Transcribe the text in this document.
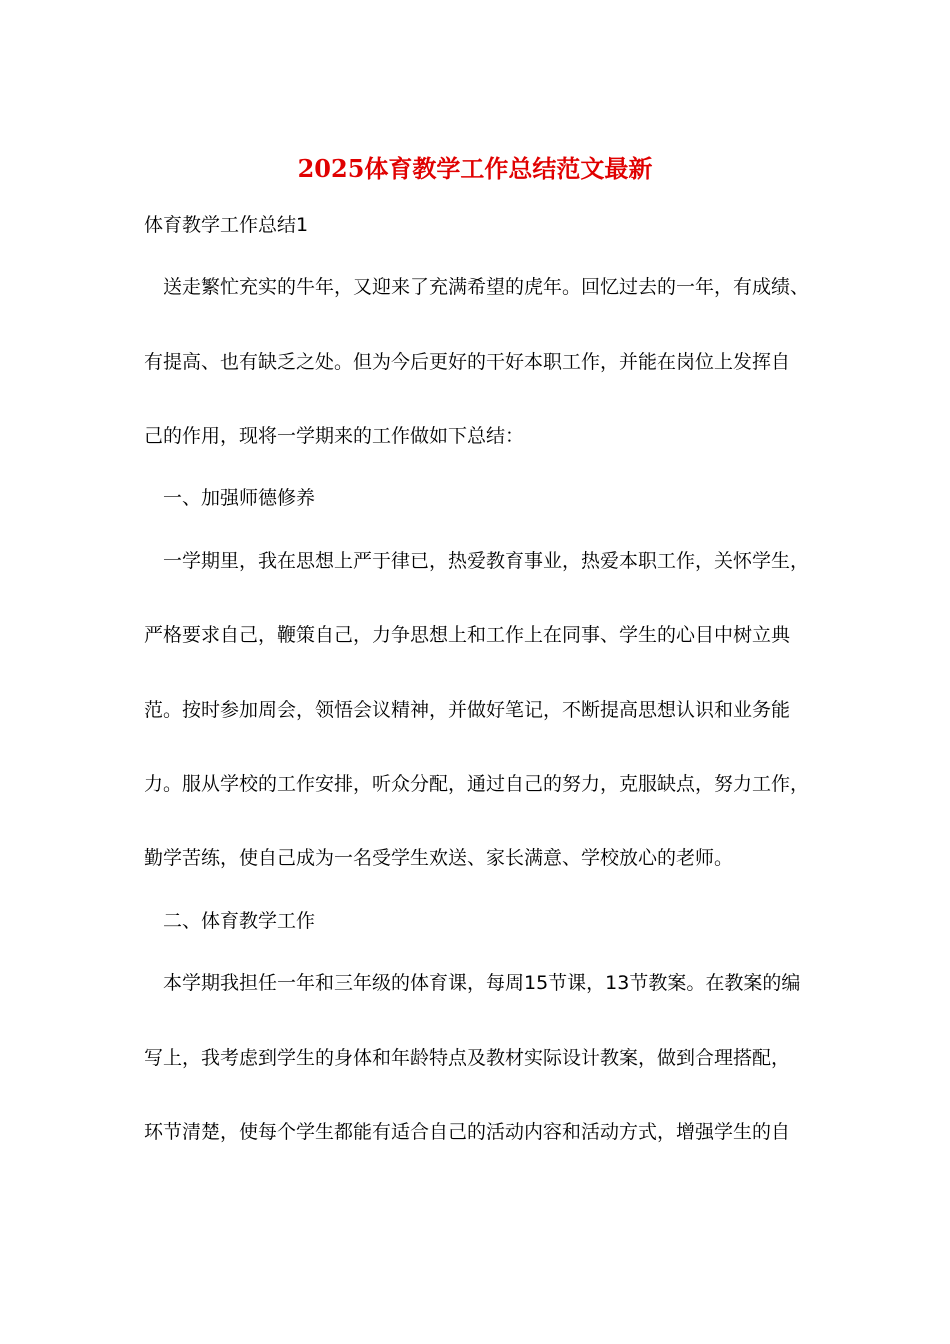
2025体育教学工作总结范文最新
体育教学工作总结1
送走繁忙充实的牛年，又迎来了充满希望的虎年。回忆过去的一年，有成绩、
有提高、也有缺乏之处。但为今后更好的干好本职工作，并能在岗位上发挥自
己的作用，现将一学期来的工作做如下总结：
一、加强师德修养
一学期里，我在思想上严于律已，热爱教育事业，热爱本职工作，关怀学生，
严格要求自己，鞭策自己，力争思想上和工作上在同事、学生的心目中树立典
范。按时参加周会，领悟会议精神，并做好笔记，不断提高思想认识和业务能
力。服从学校的工作安排，听众分配，通过自己的努力，克服缺点，努力工作，
勤学苦练，使自己成为一名受学生欢送、家长满意、学校放心的老师。
二、体育教学工作
本学期我担任一年和三年级的体育课，每周15节课，13节教案。在教案的编
写上，我考虑到学生的身体和年龄特点及教材实际设计教案，做到合理搭配，
环节清楚，使每个学生都能有适合自己的活动内容和活动方式，增强学生的自
